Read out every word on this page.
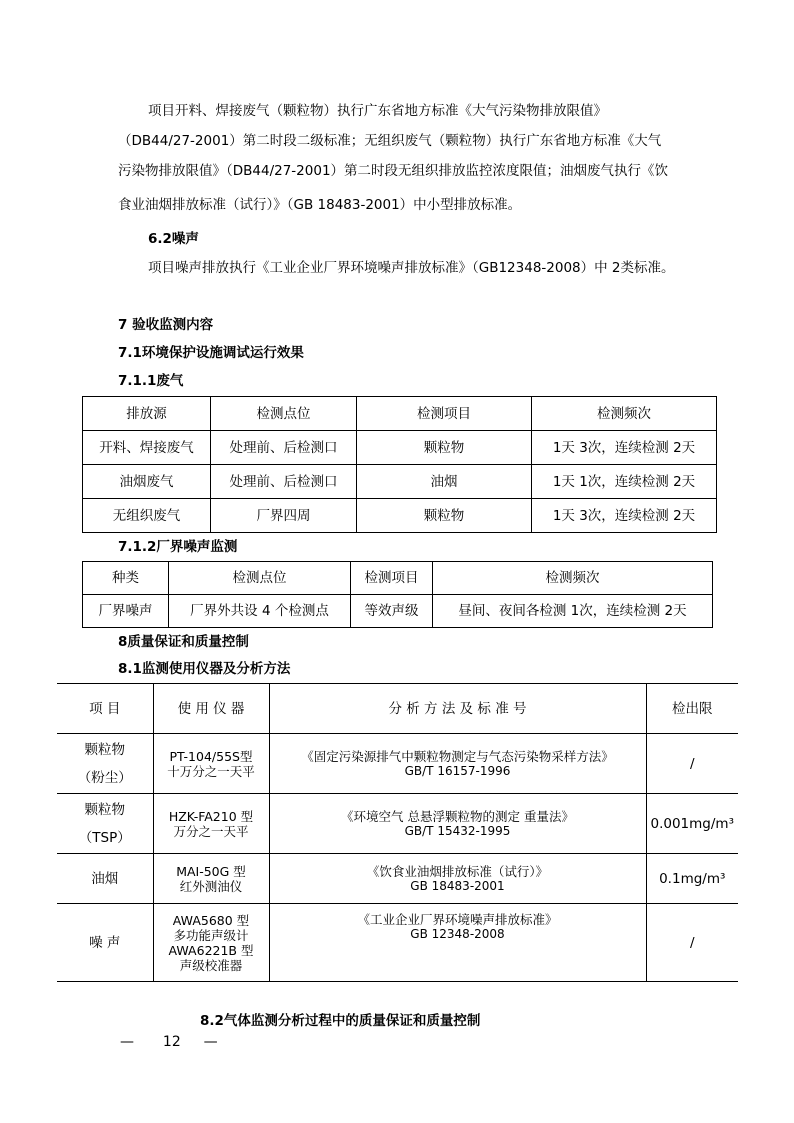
项目开料、焊接废气（颗粒物）执行广东省地方标准《大气污染物排放限值》
（DB44/27-2001）第二时段二级标准；无组织废气（颗粒物）执行广东省地方标准《大气
污染物排放限值》（DB44/27-2001）第二时段无组织排放监控浓度限值；油烟废气执行《饮
食业油烟排放标准（试行）》（GB 18483-2001）中小型排放标准。
6.2噪声
项目噪声排放执行《工业企业厂界环境噪声排放标准》（GB12348-2008）中 2类标准。
7 验收监测内容
7.1环境保护设施调试运行效果
7.1.1废气
排放源	检测点位	检测项目	检测频次
开料、焊接废气	处理前、后检测口	颗粒物	1天 3次，连续检测 2天
油烟废气	处理前、后检测口	油烟	1天 1次，连续检测 2天
无组织废气	厂界四周	颗粒物	1天 3次，连续检测 2天
7.1.2厂界噪声监测
种类	检测点位	检测项目	检测频次
厂界噪声	厂界外共设 4 个检测点	等效声级	昼间、夜间各检测 1次，连续检测 2天
8质量保证和质量控制
8.1监测使用仪器及分析方法
项 目	使 用 仪 器	分 析 方 法 及 标 准 号	检出限

颗粒物
（粉尘）	PT-104/55S型
十万分之一天平	《固定污染源排气中颗粒物测定与气态污染物采样方法》
GB/T 16157-1996	/

颗粒物
（TSP）	HZK-FA210 型
万分之一天平	《环境空气 总悬浮颗粒物的测定 重量法》
GB/T 15432-1995	0.001mg/m³
油烟	MAI-50G 型
红外测油仪	《饮食业油烟排放标准（试行）》
GB 18483-2001	0.1mg/m³
噪 声	AWA5680 型
多功能声级计
AWA6221B 型
声级校准器	《工业企业厂界环境噪声排放标准》
GB 12348-2008	/
8.2气体监测分析过程中的质量保证和质量控制
— 12 —
